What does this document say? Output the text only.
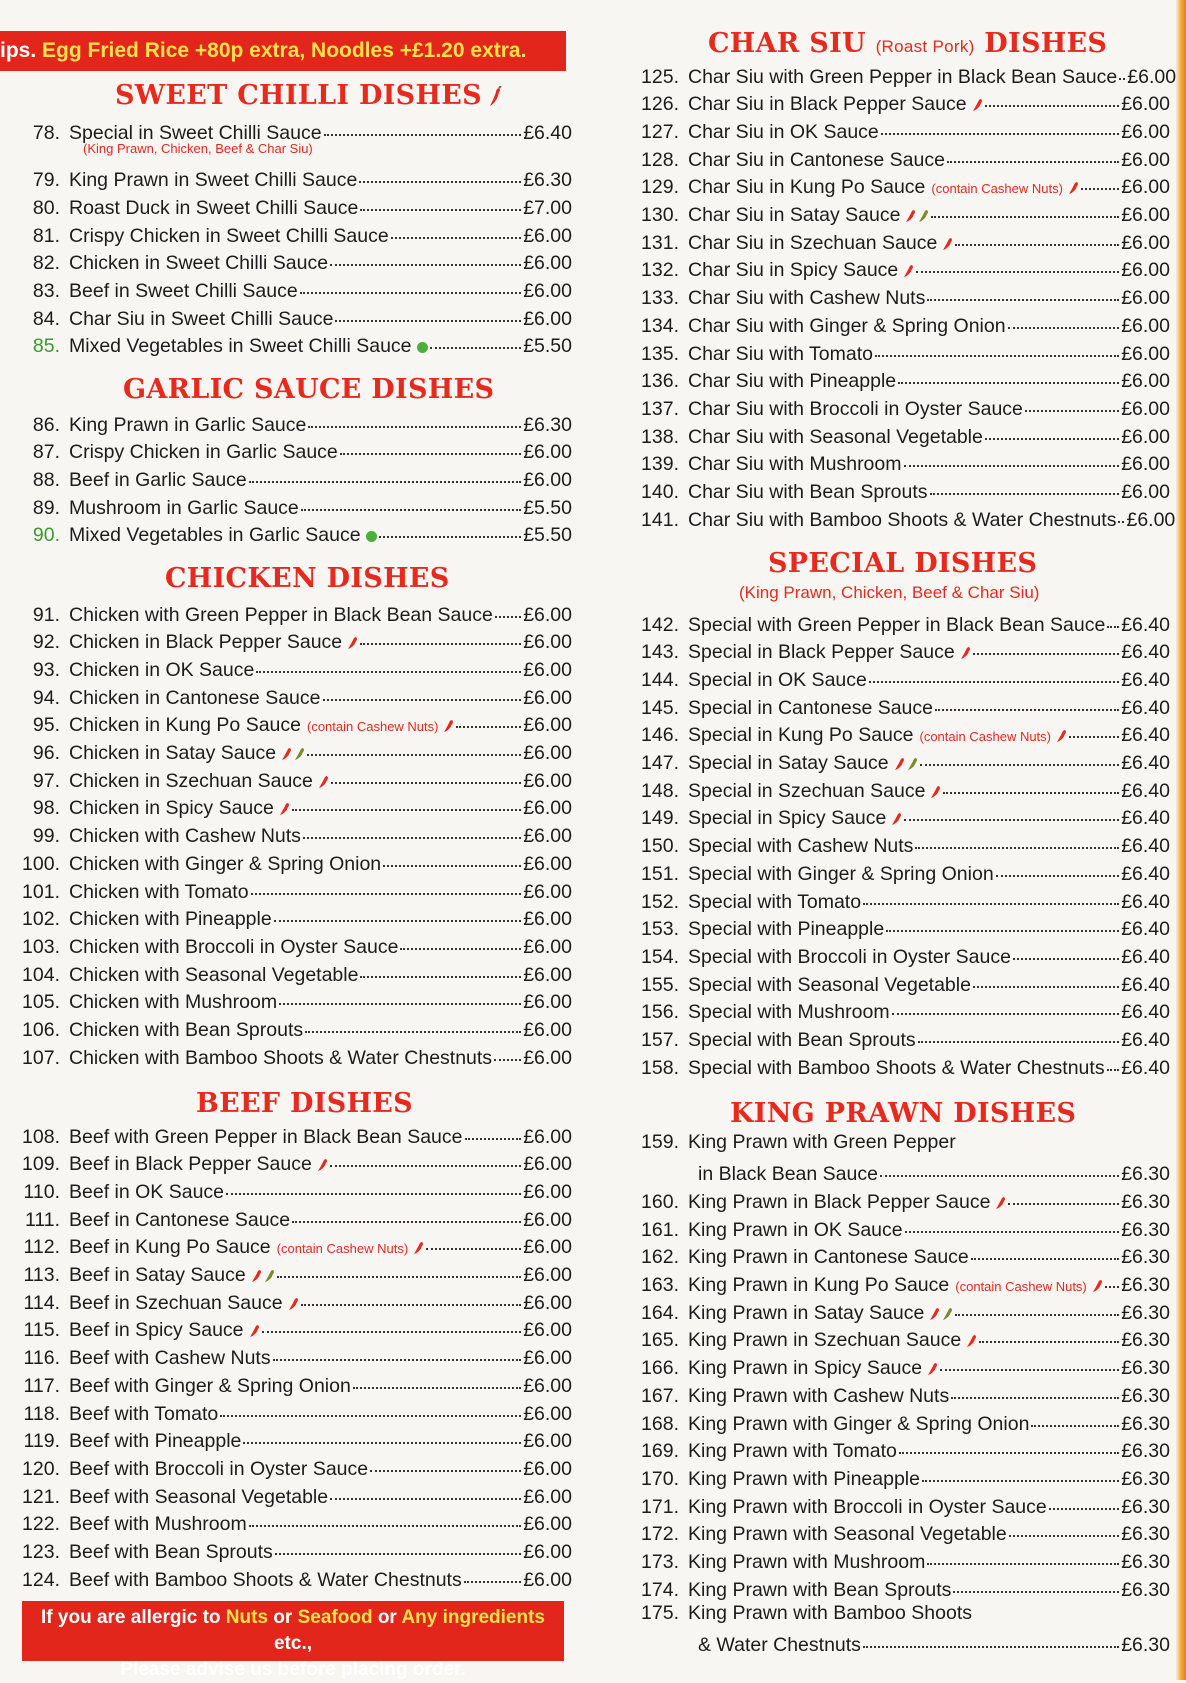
ips. Egg Fried Rice +80p extra, Noodles +£1.20 extra.
SWEET CHILLI DISHES
78. Special in Sweet Chilli Sauce	£6.40
(King Prawn, Chicken, Beef & Char Siu)
79. King Prawn in Sweet Chilli Sauce	£6.30
80. Roast Duck in Sweet Chilli Sauce	£7.00
81. Crispy Chicken in Sweet Chilli Sauce	£6.00
82. Chicken in Sweet Chilli Sauce	£6.00
83. Beef in Sweet Chilli Sauce	£6.00
84. Char Siu in Sweet Chilli Sauce	£6.00
85. Mixed Vegetables in Sweet Chilli Sauce	£5.50
GARLIC SAUCE DISHES
86. King Prawn in Garlic Sauce	£6.30
87. Crispy Chicken in Garlic Sauce	£6.00
88. Beef in Garlic Sauce	£6.00
89. Mushroom in Garlic Sauce	£5.50
90. Mixed Vegetables in Garlic Sauce	£5.50
CHICKEN DISHES
91. Chicken with Green Pepper in Black Bean Sauce £6.00
92. Chicken in Black Pepper Sauce	£6.00
93. Chicken in OK Sauce	£6.00
94. Chicken in Cantonese Sauce	£6.00
95. Chicken in Kung Po Sauce (contain Cashew Nuts)	£6.00
96. Chicken in Satay Sauce	£6.00
97. Chicken in Szechuan Sauce	£6.00
98. Chicken in Spicy Sauce	£6.00
99. Chicken with Cashew Nuts	£6.00
100. Chicken with Ginger & Spring Onion	£6.00
101. Chicken with Tomato	£6.00
102. Chicken with Pineapple	£6.00
103. Chicken with Broccoli in Oyster Sauce	£6.00
104. Chicken with Seasonal Vegetable	£6.00
105. Chicken with Mushroom	£6.00
106. Chicken with Bean Sprouts	£6.00
107. Chicken with Bamboo Shoots & Water Chestnuts £6.00
BEEF DISHES
108. Beef with Green Pepper in Black Bean Sauce	£6.00
109. Beef in Black Pepper Sauce	£6.00
110. Beef in OK Sauce	£6.00
111. Beef in Cantonese Sauce	£6.00
112. Beef in Kung Po Sauce (contain Cashew Nuts)	£6.00
113. Beef in Satay Sauce	£6.00
114. Beef in Szechuan Sauce	£6.00
115. Beef in Spicy Sauce	£6.00
116. Beef with Cashew Nuts	£6.00
117. Beef with Ginger & Spring Onion	£6.00
118. Beef with Tomato	£6.00
119. Beef with Pineapple	£6.00
120. Beef with Broccoli in Oyster Sauce	£6.00
121. Beef with Seasonal Vegetable	£6.00
122. Beef with Mushroom	£6.00
123. Beef with Bean Sprouts	£6.00
124. Beef with Bamboo Shoots & Water Chestnuts	£6.00
If you are allergic to Nuts or Seafood or Any ingredients etc.,
Please advise us before placing order.
CHAR SIU (Roast Pork) DISHES
125. Char Siu with Green Pepper in Black Bean Sauce £6.00
126. Char Siu in Black Pepper Sauce	£6.00
127. Char Siu in OK Sauce	£6.00
128. Char Siu in Cantonese Sauce	£6.00
129. Char Siu in Kung Po Sauce (contain Cashew Nuts)	£6.00
130. Char Siu in Satay Sauce	£6.00
131. Char Siu in Szechuan Sauce	£6.00
132. Char Siu in Spicy Sauce	£6.00
133. Char Siu with Cashew Nuts	£6.00
134. Char Siu with Ginger & Spring Onion	£6.00
135. Char Siu with Tomato	£6.00
136. Char Siu with Pineapple	£6.00
137. Char Siu with Broccoli in Oyster Sauce	£6.00
138. Char Siu with Seasonal Vegetable	£6.00
139. Char Siu with Mushroom	£6.00
140. Char Siu with Bean Sprouts	£6.00
141. Char Siu with Bamboo Shoots & Water Chestnuts £6.00
SPECIAL DISHES
(King Prawn, Chicken, Beef & Char Siu)
142. Special with Green Pepper in Black Bean Sauce £6.40
143. Special in Black Pepper Sauce	£6.40
144. Special in OK Sauce	£6.40
145. Special in Cantonese Sauce	£6.40
146. Special in Kung Po Sauce (contain Cashew Nuts)	£6.40
147. Special in Satay Sauce	£6.40
148. Special in Szechuan Sauce	£6.40
149. Special in Spicy Sauce	£6.40
150. Special with Cashew Nuts	£6.40
151. Special with Ginger & Spring Onion	£6.40
152. Special with Tomato	£6.40
153. Special with Pineapple	£6.40
154. Special with Broccoli in Oyster Sauce	£6.40
155. Special with Seasonal Vegetable	£6.40
156. Special with Mushroom	£6.40
157. Special with Bean Sprouts	£6.40
158. Special with Bamboo Shoots & Water Chestnuts £6.40
KING PRAWN DISHES
159. King Prawn with Green Pepper
in Black Bean Sauce	£6.30
160. King Prawn in Black Pepper Sauce	£6.30
161. King Prawn in OK Sauce	£6.30
162. King Prawn in Cantonese Sauce	£6.30
163. King Prawn in Kung Po Sauce (contain Cashew Nuts) £6.30
164. King Prawn in Satay Sauce	£6.30
165. King Prawn in Szechuan Sauce	£6.30
166. King Prawn in Spicy Sauce	£6.30
167. King Prawn with Cashew Nuts	£6.30
168. King Prawn with Ginger & Spring Onion	£6.30
169. King Prawn with Tomato	£6.30
170. King Prawn with Pineapple	£6.30
171. King Prawn with Broccoli in Oyster Sauce	£6.30
172. King Prawn with Seasonal Vegetable	£6.30
173. King Prawn with Mushroom	£6.30
174. King Prawn with Bean Sprouts	£6.30
175. King Prawn with Bamboo Shoots
& Water Chestnuts	£6.30
